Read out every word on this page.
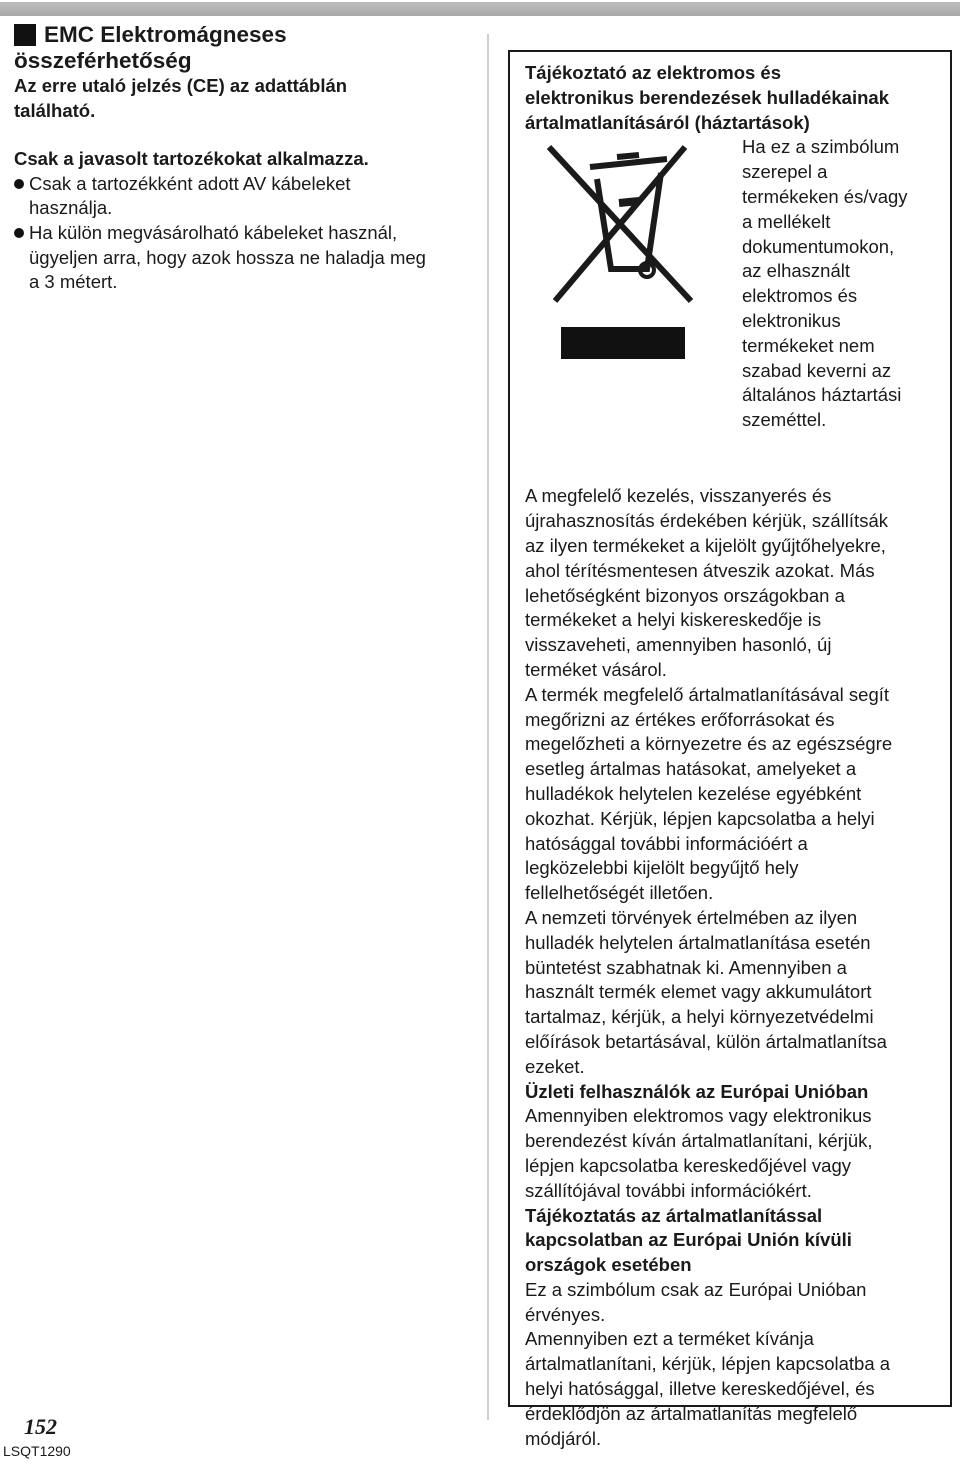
EMC Elektromágneses
összeférhetőség
Az erre utaló jelzés (CE) az adattáblán
található.
Csak a javasolt tartozékokat alkalmazza.
Csak a tartozékként adott AV kábeleket
használja.
Ha külön megvásárolható kábeleket használ,
ügyeljen arra, hogy azok hossza ne haladja meg
a 3 métert.
152
LSQT1290
Tájékoztató az elektromos és
elektronikus berendezések hulladékainak
ártalmatlanításáról (háztartások)
Ha ez a szimbólum
szerepel a
termékeken és/vagy
a mellékelt
dokumentumokon,
az elhasznált
elektromos és
elektronikus
termékeket nem
szabad keverni az
általános háztartási
szeméttel.
A megfelelő kezelés, visszanyerés és
újrahasznosítás érdekében kérjük, szállítsák
az ilyen termékeket a kijelölt gyűjtőhelyekre,
ahol térítésmentesen átveszik azokat. Más
lehetőségként bizonyos országokban a
termékeket a helyi kiskereskedője is
visszaveheti, amennyiben hasonló, új
terméket vásárol.
A termék megfelelő ártalmatlanításával segít
megőrizni az értékes erőforrásokat és
megelőzheti a környezetre és az egészségre
esetleg ártalmas hatásokat, amelyeket a
hulladékok helytelen kezelése egyébként
okozhat. Kérjük, lépjen kapcsolatba a helyi
hatósággal további információért a
legközelebbi kijelölt begyűjtő hely
fellelhetőségét illetően.
A nemzeti törvények értelmében az ilyen
hulladék helytelen ártalmatlanítása esetén
büntetést szabhatnak ki. Amennyiben a
használt termék elemet vagy akkumulátort
tartalmaz, kérjük, a helyi környezetvédelmi
előírások betartásával, külön ártalmatlanítsa
ezeket.
Üzleti felhasználók az Európai Unióban
Amennyiben elektromos vagy elektronikus
berendezést kíván ártalmatlanítani, kérjük,
lépjen kapcsolatba kereskedőjével vagy
szállítójával további információkért.
Tájékoztatás az ártalmatlanítással
kapcsolatban az Európai Unión kívüli
országok esetében
Ez a szimbólum csak az Európai Unióban
érvényes.
Amennyiben ezt a terméket kívánja
ártalmatlanítani, kérjük, lépjen kapcsolatba a
helyi hatósággal, illetve kereskedőjével, és
érdeklődjön az ártalmatlanítás megfelelő
módjáról.
